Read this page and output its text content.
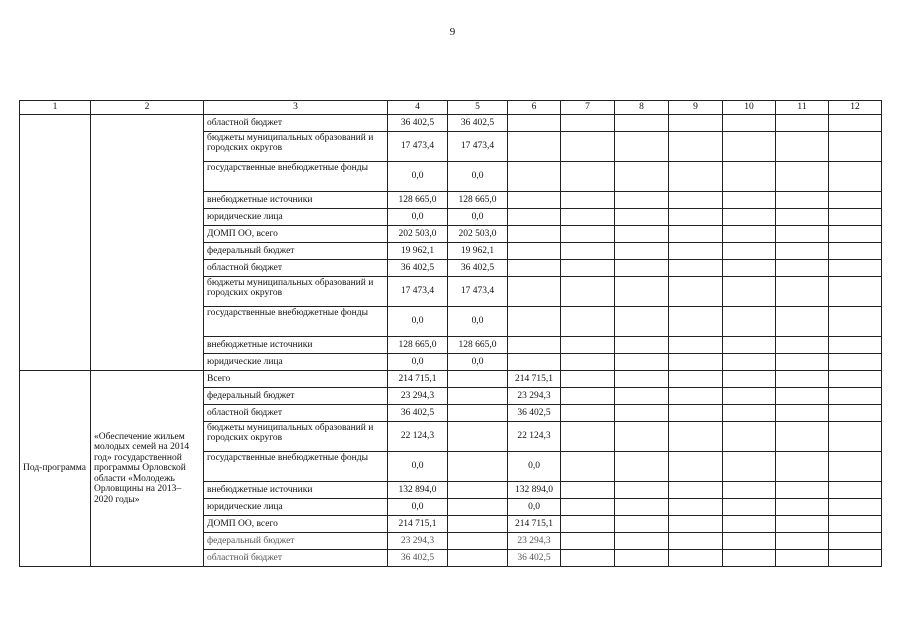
9
1	2	3	4	5	6	7	8	9	10	11	12
		областной бюджет	36 402,5	36 402,5							
		бюджеты муниципальных образований и городских округов	17 473,4	17 473,4							
		государственные внебюджетные фонды	0,0	0,0							
		внебюджетные источники	128 665,0	128 665,0							
		юридические лица	0,0	0,0							
		ДОМП ОО, всего	202 503,0	202 503,0							
		федеральный бюджет	19 962,1	19 962,1							
		областной бюджет	36 402,5	36 402,5							
		бюджеты муниципальных образований и городских округов	17 473,4	17 473,4							
		государственные внебюджетные фонды	0,0	0,0							
		внебюджетные источники	128 665,0	128 665,0							
		юридические лица	0,0	0,0							
Под-программа	«Обеспечение жильем молодых семей на 2014 год» государственной программы Орловской области «Молодежь Орловщины на 2013–2020 годы»	Всего	214 715,1		214 715,1						
		федеральный бюджет	23 294,3		23 294,3						
		областной бюджет	36 402,5		36 402,5						
		бюджеты муниципальных образований и городских округов	22 124,3		22 124,3						
		государственные внебюджетные фонды	0,0		0,0						
		внебюджетные источники	132 894,0		132 894,0						
		юридические лица	0,0		0,0						
		ДОМП ОО, всего	214 715,1		214 715,1						
		федеральный бюджет	23 294,3		23 294,3						
		областной бюджет	36 402,5		36 402,5						
